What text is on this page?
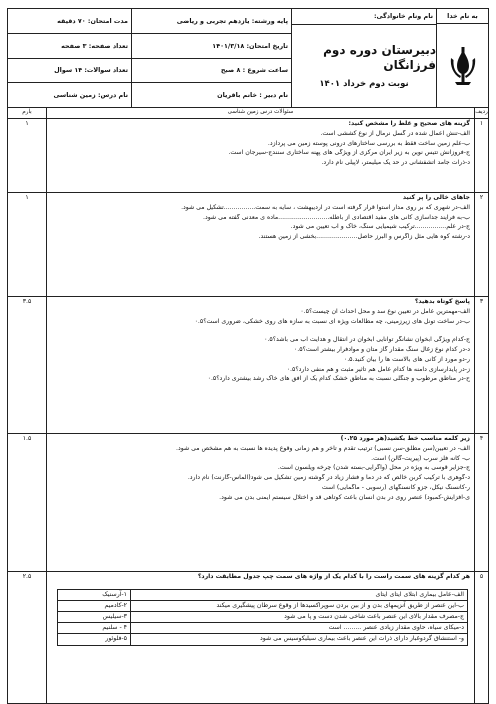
به نام خدا
نام ونام خانوادگی:
دبیرستان دوره دوم فرزانگان
نوبت دوم خرداد ۱۴۰۱
پایه ورشته: یازدهم تجربی و ریاضی
تاریخ امتحان: ۱۴۰۱/۳/۱۸
ساعت شروع : ۸ صبح
نام دبیر : خانم باقریان
مدت امتحان: ۷۰ دقیقه
تعداد صفحه: ۳ صفحه
تعداد سوالات: ۱۴ سوال
نام درس: زمین شناسی
ردیف
سئوالات درس زمین شناسی
بارم
۱
گزینه های صحیح و غلط را مشخص کنید:
الف-تنش اعمال شده در گسل نرمال از نوع کششی است.
ب-علم زمین ساخت فقط به بررسی ساختارهای درونی پوسته زمین می پردازد.
ج-فروزانش تتیس نوین به زیر ایران مرکزی از ویژگی های پهنه ساختاری سنندج-سیرجان است.
د-ذرات جامد آتشفشانی در حد یک میلیمتر، لاپیلی نام دارد.
۱
۲
جاهای خالی را پر کنید
الف-در شهری که بر روی مدار استوا قرار گرفته است در اردیبهشت ، سایه به سمت................تشکیل می شود.
ب-به فرآیند جداسازی کانی های مفید اقتصادی از باطله..........................ماده ی معدنی گفته می شود.
ج-در علم................ترکیب شیمیایی سنگ، خاک و آب تعیین می شود.
د-رشته کوه هایی مثل زاگرس و البرز حاصل.....................بخشی از زمین هستند.
۱
۳
پاسخ کوتاه بدهید؟
الف-مهمترین عامل در تعیین نوع سد و محل احداث آن چیست؟۰.۵
ب-در ساخت تونل های زیرزمینی، چه مطالعات ویژه ای نسبت به سازه های روی خشکی، ضروری است؟۰.۵
ج-کدام ویژگی آبخوان نشانگر توانایی آبخوان در انتقال و هدایت آب می باشد؟۰.۵
د-در کدام نوع زغال سنگ مقدار گاز متان و موادفرار بیشتر است؟۰.۵
ر-دو مورد از کانی های بالاست ها را بیان کنید.۰.۵
ز-در پایدارسازی دامنه ها کدام عامل هم تأثیر مثبت و هم منفی دارد؟۰.۵
ح-در مناطق مرطوب و جنگلی نسبت به مناطق خشک کدام یک از افق های خاک رشد بیشتری دارد؟۰.۵
۳.۵
۴
زیر کلمه مناسب خط بکشید(هر مورد ۰.۲۵)
الف- در تعیین(سن مطلق-سن نسبی) ترتیب تقدم و تاخر و هم زمانی وقوع پدیده ها نسبت به هم مشخص می شود.
ب- کانه فلز سرب (پیریت-گالن) است.
ج-جزایر قوسی به ویژه در محل (واگرایی-بسته شدن) چرخه ویلسون است.
د-گوهری با ترکیب کربن خالص که در دما و فشار زیاد در گوشته زمین تشکیل می شود(الماس-گارنت) نام دارد.
ر-کانسنگ نیکل، جزو کانسنگهای (رسوبی - ماگمایی) است
ی-افزایش-کمبود) عنصر روی در بدن انسان باعث کوتاهی قد و اختلال سیستم ایمنی بدن می شود.
۱.۵
۵
هر کدام گزینه های سمت راست را با کدام یک از واژه های سمت چپ جدول مطابقت دارد؟
الف-عامل بیماری ابتلای ایتای ایتای
ب-این عنصر از طریق آنزیمهای بدن و از بین بردن سوپراکسیدها از وقوع سرطان پیشگیری میکند
ج-مصرف مقدار بالای این عنصر باعث شاخی شدن دست و پا می شود
د-میکای سیاه، حاوی مقدار زیادی عنصر ......... است
و- استنشاق گردوغبار دارای ذرات این عنصر باعث بیماری سیلیکوسیس می شود
۱-آرسنیک
۲-کادمیم
۳-سیلیس
۴ - سلنیم
۵-فلوئور
۲.۵
